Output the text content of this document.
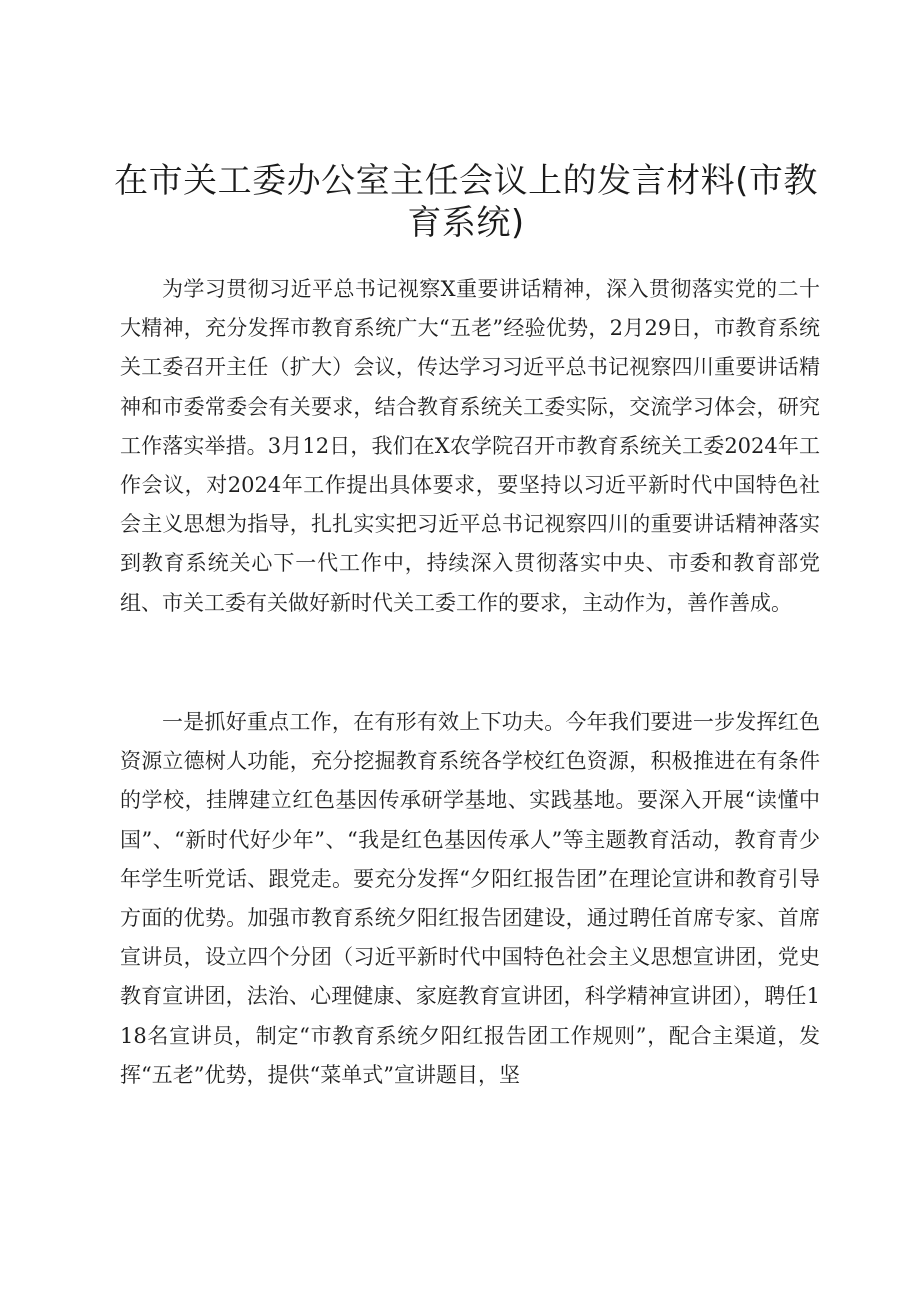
在市关工委办公室主任会议上的发言材料(市教育系统)

为学习贯彻习近平总书记视察X重要讲话精神，深入贯彻落实党的二十大精神，充分发挥市教育系统广大“五老”经验优势，2月29日，市教育系统关工委召开主任（扩大）会议，传达学习习近平总书记视察四川重要讲话精神和市委常委会有关要求，结合教育系统关工委实际，交流学习体会，研究工作落实举措。3月12日，我们在X农学院召开市教育系统关工委2024年工作会议，对2024年工作提出具体要求，要坚持以习近平新时代中国特色社会主义思想为指导，扎扎实实把习近平总书记视察四川的重要讲话精神落实到教育系统关心下一代工作中，持续深入贯彻落实中央、市委和教育部党组、市关工委有关做好新时代关工委工作的要求，主动作为，善作善成。

一是抓好重点工作，在有形有效上下功夫。今年我们要进一步发挥红色资源立德树人功能，充分挖掘教育系统各学校红色资源，积极推进在有条件的学校，挂牌建立红色基因传承研学基地、实践基地。要深入开展“读懂中国”、“新时代好少年”、“我是红色基因传承人”等主题教育活动，教育青少年学生听党话、跟党走。要充分发挥“夕阳红报告团”在理论宣讲和教育引导方面的优势。加强市教育系统夕阳红报告团建设，通过聘任首席专家、首席宣讲员，设立四个分团（习近平新时代中国特色社会主义思想宣讲团，党史教育宣讲团，法治、心理健康、家庭教育宣讲团，科学精神宣讲团），聘任118名宣讲员，制定“市教育系统夕阳红报告团工作规则”，配合主渠道，发挥“五老”优势，提供“菜单式”宣讲题目，坚
